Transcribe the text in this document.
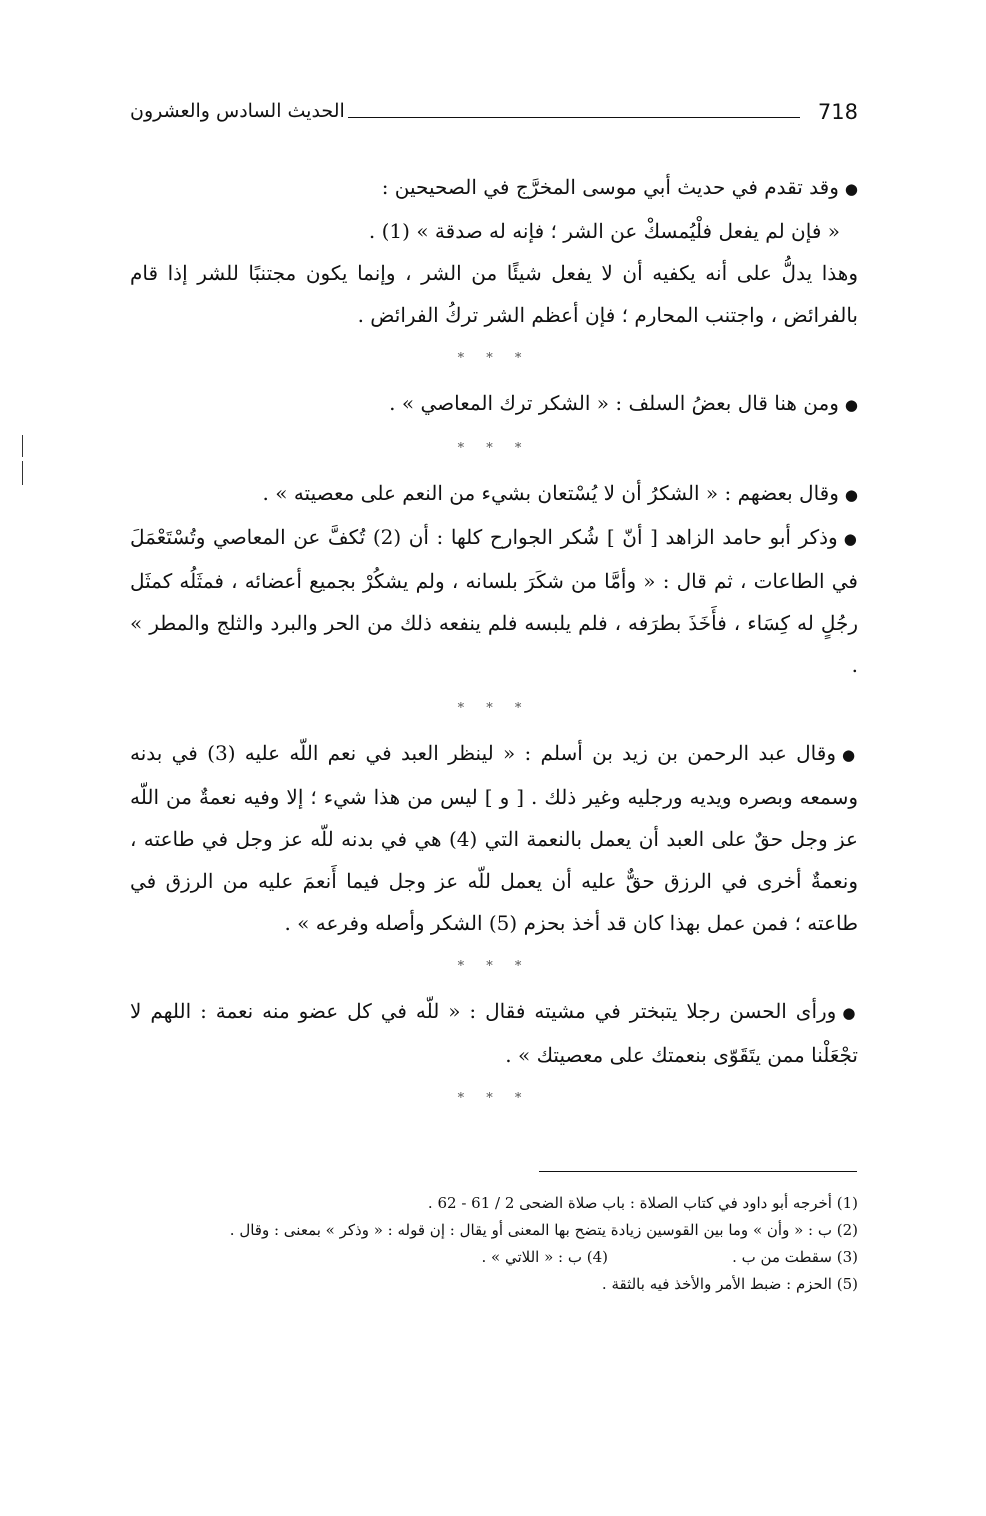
718
الحديث السادس والعشرون

●وقد تقدم في حديث أبي موسى المخرَّج في الصحيحين :

« فإن لم يفعل فلْيُمسكْ عن الشر ؛ فإنه له صدقة » (1) .

وهذا يدلُّ على أنه يكفيه أن لا يفعل شيئًا من الشر ، وإنما يكون مجتنبًا للشر إذا قام بالفرائض ، واجتنب المحارم ؛ فإن أعظم الشر تركُ الفرائض .

* * *

●ومن هنا قال بعضُ السلف : « الشكر ترك المعاصي » .

* * *

●وقال بعضهم : « الشكرُ أن لا يُسْتعان بشيء من النعم على معصيته » .

●وذكر أبو حامد الزاهد [ أنّ ] شُكر الجوارح كلها : أن (2) تُكفَّ عن المعاصي وتُسْتَعْمَلَ في الطاعات ، ثم قال : « وأمَّا من شكَرَ بلسانه ، ولم يشكُرْ بجميع أعضائه ، فمثَلُه كمثَل رجُلٍ له كِسَاء ، فأَخَذَ بطرَفه ، فلم يلبسه فلم ينفعه ذلك من الحر والبرد والثلج والمطر » .

* * *

●وقال عبد الرحمن بن زيد بن أسلم : « لينظر العبد في نعم اللّه عليه (3) في بدنه وسمعه وبصره ويديه ورجليه وغير ذلك . [ و ] ليس من هذا شيء ؛ إلا وفيه نعمةٌ من اللّه عز وجل حقٌ على العبد أن يعمل بالنعمة التي (4) هي في بدنه للّه عز وجل في طاعته ، ونعمةٌ أخرى في الرزق حقٌّ عليه أن يعمل للّه عز وجل فيما أَنعمَ عليه من الرزق في طاعته ؛ فمن عمل بهذا كان قد أخذ بحزم (5) الشكر وأصله وفرعه » .

* * *

●ورأى الحسن رجلا يتبختر في مشيته فقال : « للّه في كل عضو منه نعمة : اللهم لا تجْعَلْنا ممن يتَقَوّى بنعمتك على معصيتك » .

* * *

(1) أخرجه أبو داود في كتاب الصلاة : باب صلاة الضحى 2 / 61 - 62 .

(2) ب : « وأن » وما بين القوسين زيادة يتضح بها المعنى أو يقال : إن قوله : « وذكر » بمعنى : وقال .

(3) سقطت من ب .

(4) ب : « اللاتي » .

(5) الحزم : ضبط الأمر والأخذ فيه بالثقة .
